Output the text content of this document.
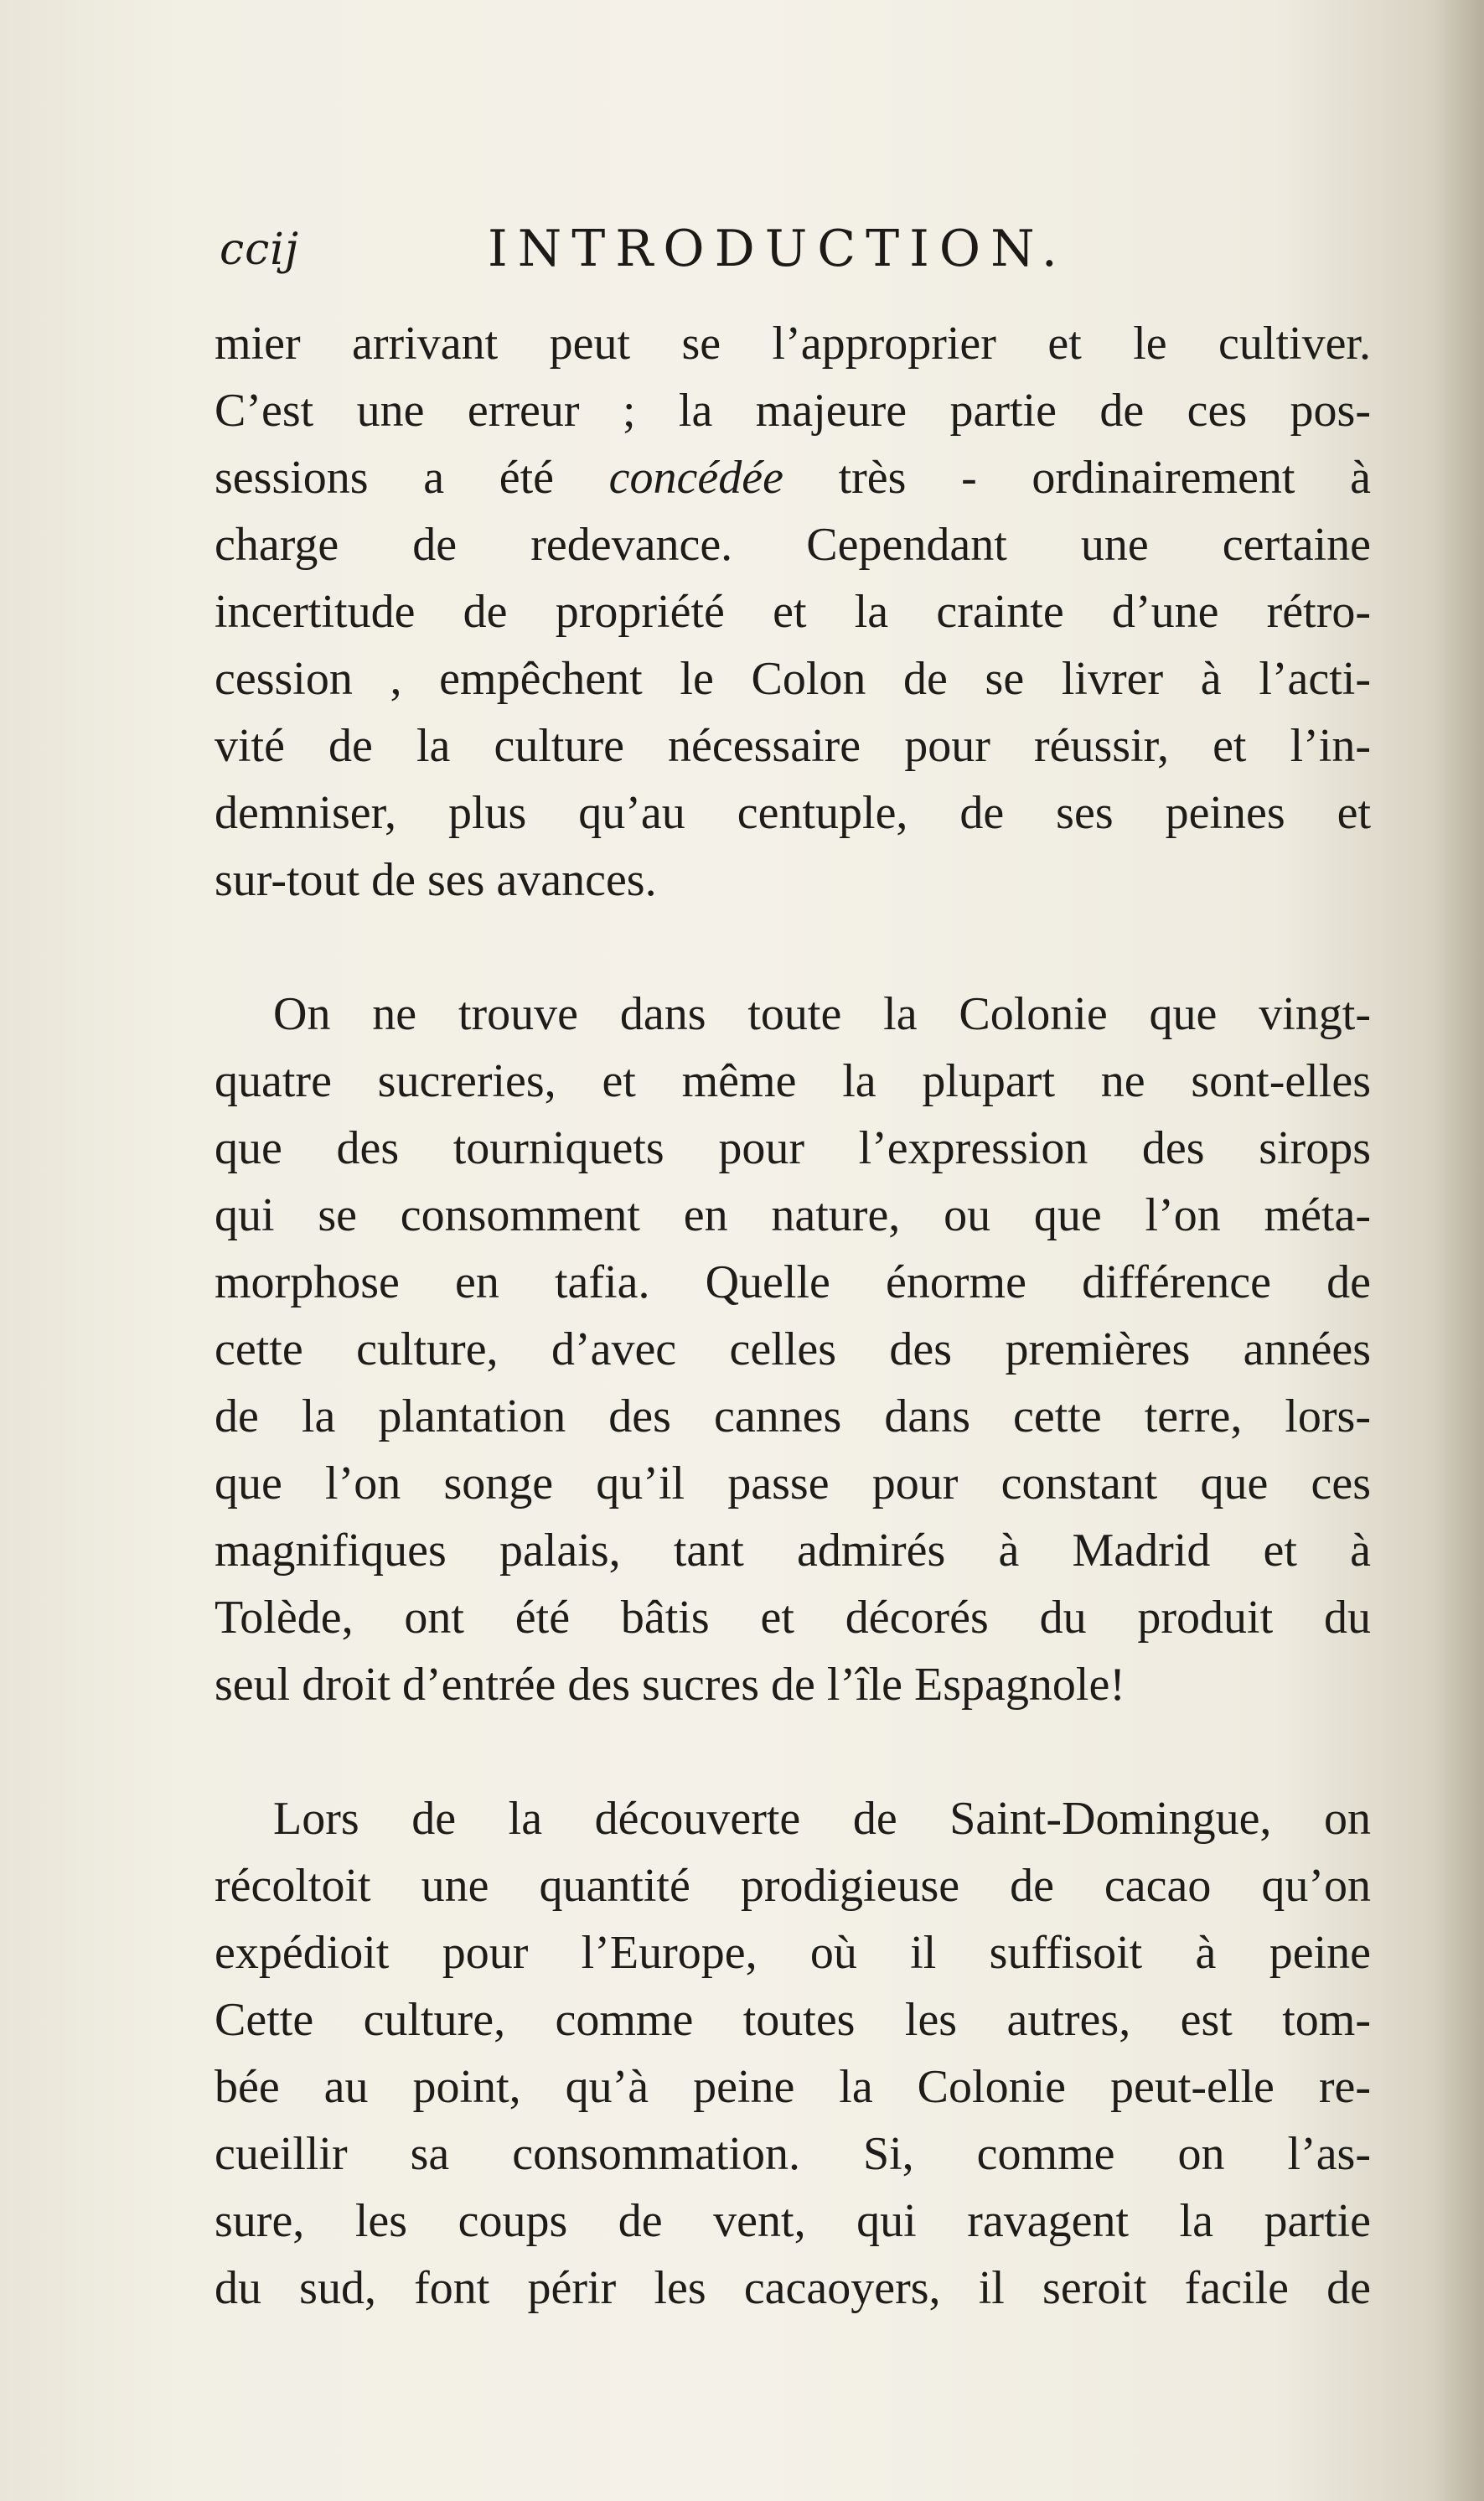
ccij	INTRODUCTION.
mier arrivant peut se l’approprier et le cultiver.
C’est une erreur ; la majeure partie de ces pos-
sessions a été concédée très - ordinairement à
charge de redevance. Cependant une certaine
incertitude de propriété et la crainte d’une rétro-
cession , empêchent le Colon de se livrer à l’acti-
vité de la culture nécessaire pour réussir, et l’in-
demniser, plus qu’au centuple, de ses peines et
sur-tout de ses avances.
On ne trouve dans toute la Colonie que vingt-
quatre sucreries, et même la plupart ne sont-elles
que des tourniquets pour l’expression des sirops
qui se consomment en nature, ou que l’on méta-
morphose en tafia. Quelle énorme différence de
cette culture, d’avec celles des premières années
de la plantation des cannes dans cette terre, lors-
que l’on songe qu’il passe pour constant que ces
magnifiques palais, tant admirés à Madrid et à
Tolède, ont été bâtis et décorés du produit du
seul droit d’entrée des sucres de l’île Espagnole!
Lors de la découverte de Saint-Domingue, on
récoltoit une quantité prodigieuse de cacao qu’on
expédioit pour l’Europe, où il suffisoit à peine
Cette culture, comme toutes les autres, est tom-
bée au point, qu’à peine la Colonie peut-elle re-
cueillir sa consommation. Si, comme on l’as-
sure, les coups de vent, qui ravagent la partie
du sud, font périr les cacaoyers, il seroit facile de
